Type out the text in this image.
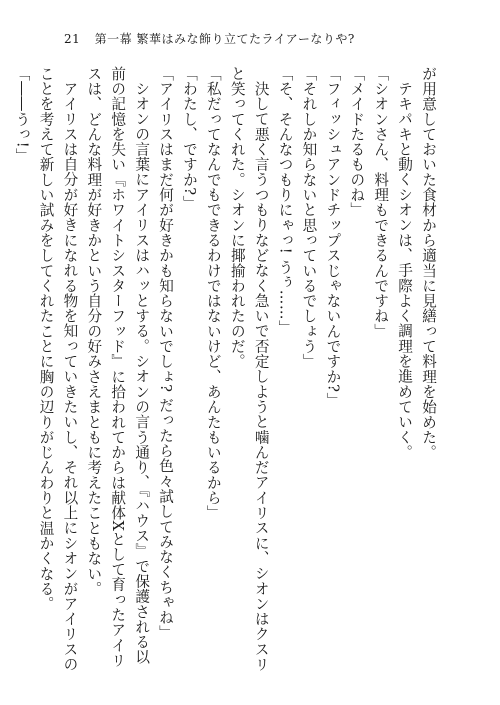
21 第一幕 繁華はみな飾り立てたライアーなりや?
が用意しておいた食材から適当に見繕って料理を始めた。
テキパキと動くシオンは、手際よく調理を進めていく。
「シオンさん、料理もできるんですね」
「メイドたるものね」
「フィッシュアンドチップスじゃないんですか?」
「それしか知らないと思っているでしょう」
「そ、そんなつもりにゃっ! うぅ……」
決して悪く言うつもりなどなく急いで否定しようと噛んだアイリスに、シオンはクスリ
と笑ってくれた。シオンに揶揄われたのだ。
「私だってなんでもできるわけではないけど、あんたもいるから」
「わたし、ですか?」
「アイリスはまだ何が好きかも知らないでしょ? だったら色々試してみなくちゃね」
シオンの言葉にアイリスはハッとする。シオンの言う通り、『ハウス』で保護される以
前の記憶を失い『ホワイトシスターフッド』に拾われてからは献体Xとして育ったアイリ
スは、どんな料理が好きかという自分の好みさえまともに考えたこともない。
アイリスは自分が好きになれる物を知っていきたいし、それ以上にシオンがアイリスの
ことを考えて新しい試みをしてくれたことに胸の辺りがじんわりと温かくなる。
「――うっ!」
